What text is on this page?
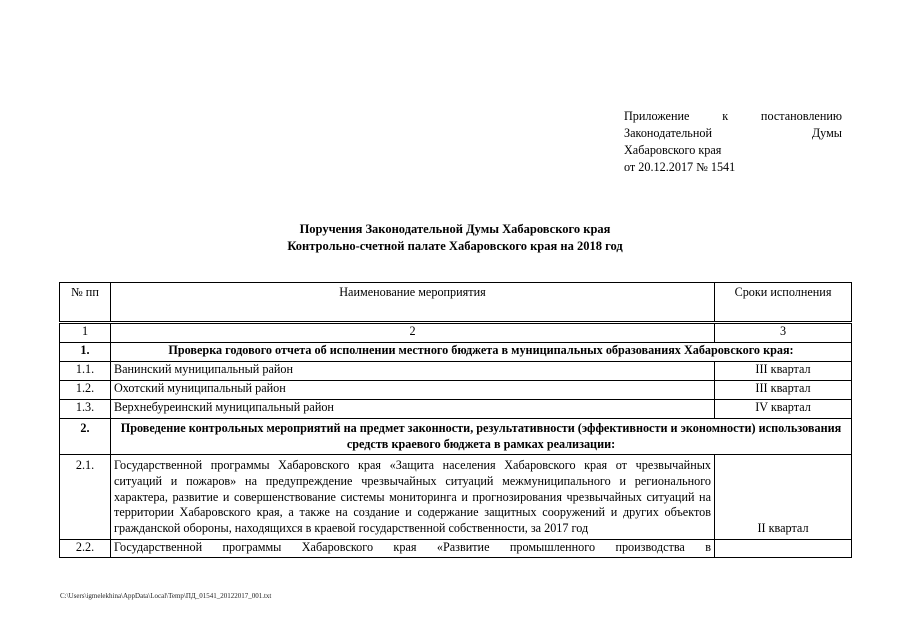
Приложение к постановлению
Законодательной Думы
Хабаровского края
от 20.12.2017 № 1541
Поручения Законодательной Думы Хабаровского края
Контрольно-счетной палате Хабаровского края на 2018 год
№ пп	Наименование мероприятия	Сроки исполнения
1	2	3
1.	Проверка годового отчета об исполнении местного бюджета в муниципальных образованиях Хабаровского края:	
1.1.	Ванинский муниципальный район	III квартал
1.2.	Охотский муниципальный район	III квартал
1.3.	Верхнебуреинский муниципальный район	IV квартал
2.	Проведение контрольных мероприятий на предмет законности, результативности (эффективности и экономности) использования средств краевого бюджета в рамках реализации:	
2.1.	Государственной программы Хабаровского края «Защита населения Хабаровского края от чрезвычайных ситуаций и пожаров» на предупреждение чрезвычайных ситуаций межмуниципального и регионального характера, развитие и совершенствование системы мониторинга и прогнозирования чрезвычайных ситуаций на территории Хабаровского края, а также на создание и содержание защитных сооружений и других объектов гражданской обороны, находящихся в краевой государственной собственности, за 2017 год	II квартал
2.2.	Государственной программы Хабаровского края «Развитие промышленного производства в	
C:\Users\igmelekhina\AppData\Local\Temp\ПД_01541_20122017_001.txt
